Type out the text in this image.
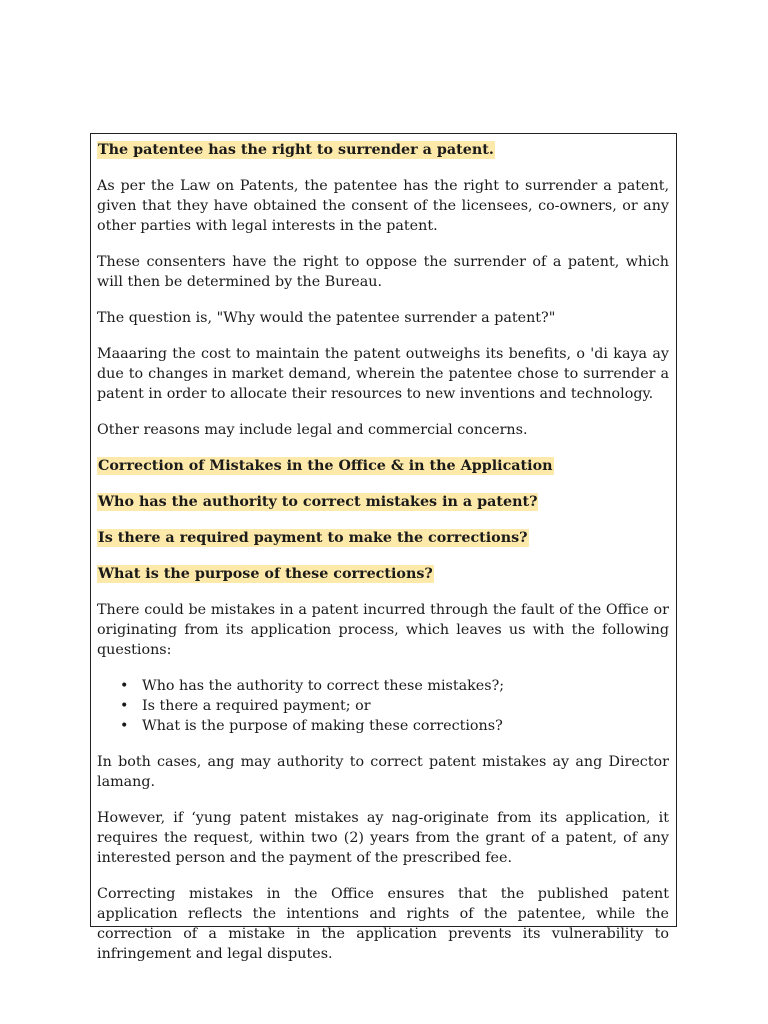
The patentee has the right to surrender a patent.

As per the Law on Patents, the patentee has the right to surrender a patent, given that they have obtained the consent of the licensees, co-owners, or any other parties with legal interests in the patent.

These consenters have the right to oppose the surrender of a patent, which will then be determined by the Bureau.

The question is, "Why would the patentee surrender a patent?"

Maaaring the cost to maintain the patent outweighs its benefits, o 'di kaya ay due to changes in market demand, wherein the patentee chose to surrender a patent in order to allocate their resources to new inventions and technology.

Other reasons may include legal and commercial concerns.

Correction of Mistakes in the Office & in the Application
Who has the authority to correct mistakes in a patent?
Is there a required payment to make the corrections?
What is the purpose of these corrections?

There could be mistakes in a patent incurred through the fault of the Office or originating from its application process, which leaves us with the following questions:

• Who has the authority to correct these mistakes?;
• Is there a required payment; or
• What is the purpose of making these corrections?

In both cases, ang may authority to correct patent mistakes ay ang Director lamang.

However, if ‘yung patent mistakes ay nag-originate from its application, it requires the request, within two (2) years from the grant of a patent, of any interested person and the payment of the prescribed fee.

Correcting mistakes in the Office ensures that the published patent application reflects the intentions and rights of the patentee, while the correction of a mistake in the application prevents its vulnerability to infringement and legal disputes.
